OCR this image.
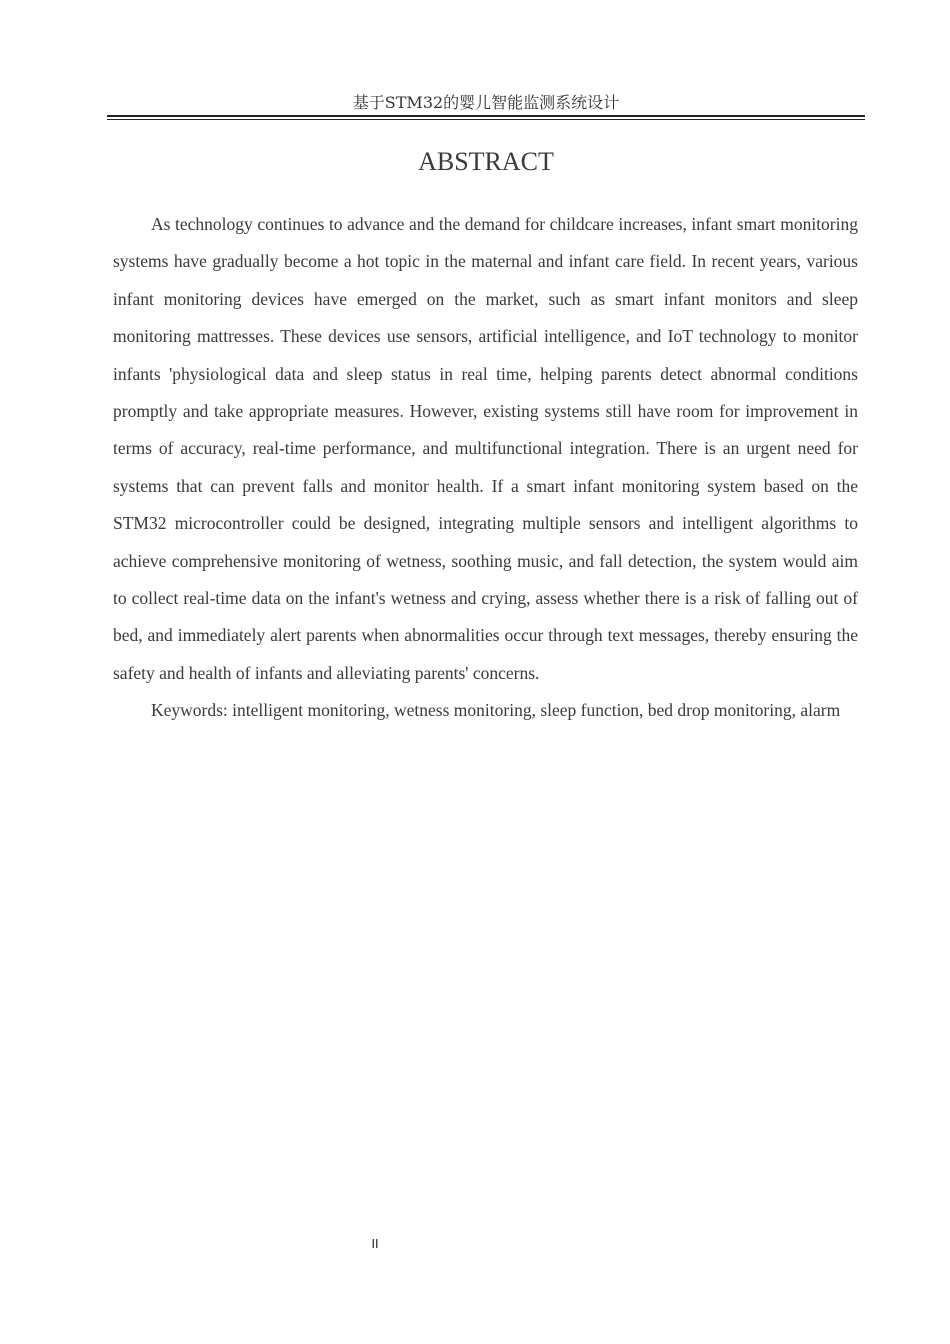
基于STM32的婴儿智能监测系统设计
ABSTRACT

As technology continues to advance and the demand for childcare increases, infant smart monitoring systems have gradually become a hot topic in the maternal and infant care field. In recent years, various infant monitoring devices have emerged on the market, such as smart infant monitors and sleep monitoring mattresses. These devices use sensors, artificial intelligence, and IoT technology to monitor infants 'physiological data and sleep status in real time, helping parents detect abnormal conditions promptly and take appropriate measures. However, existing systems still have room for improvement in terms of accuracy, real-time performance, and multifunctional integration. There is an urgent need for systems that can prevent falls and monitor health. If a smart infant monitoring system based on the STM32 microcontroller could be designed, integrating multiple sensors and intelligent algorithms to achieve comprehensive monitoring of wetness, soothing music, and fall detection, the system would aim to collect real-time data on the infant's wetness and crying, assess whether there is a risk of falling out of bed, and immediately alert parents when abnormalities occur through text messages, thereby ensuring the safety and health of infants and alleviating parents' concerns.

Keywords: intelligent monitoring, wetness monitoring, sleep function, bed drop monitoring, alarm

II
